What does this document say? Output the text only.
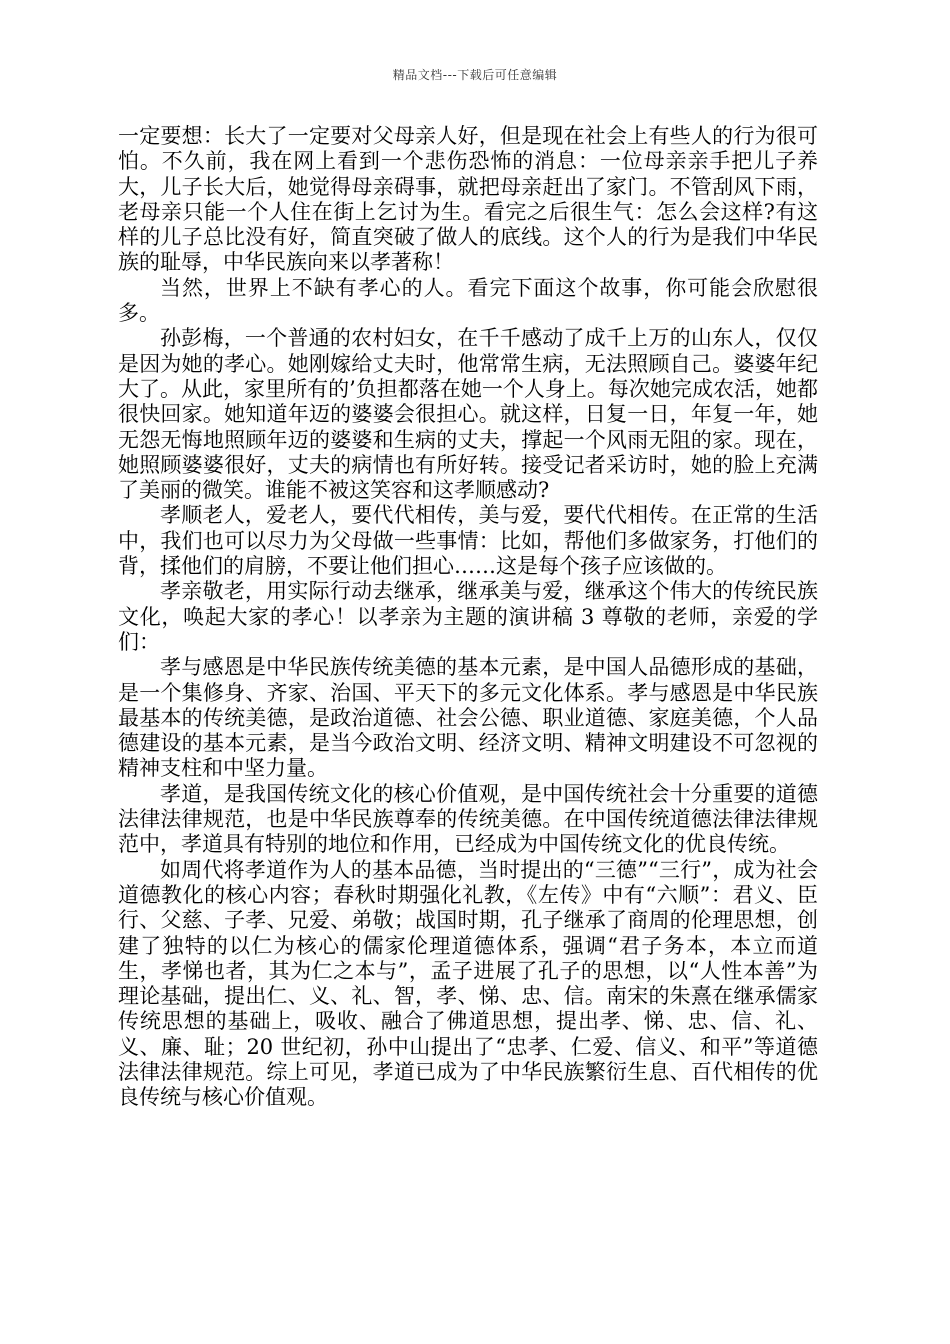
精品文档---下载后可任意编辑

一定要想：长大了一定要对父母亲人好，但是现在社会上有些人的行为很可怕。不久前，我在网上看到一个悲伤恐怖的消息：一位母亲亲手把儿子养大，儿子长大后，她觉得母亲碍事，就把母亲赶出了家门。不管刮风下雨，老母亲只能一个人住在街上乞讨为生。看完之后很生气：怎么会这样?有这样的儿子总比没有好，简直突破了做人的底线。这个人的行为是我们中华民族的耻辱，中华民族向来以孝著称！

当然，世界上不缺有孝心的人。看完下面这个故事，你可能会欣慰很多。

孙彭梅，一个普通的农村妇女，在千千感动了成千上万的山东人，仅仅是因为她的孝心。她刚嫁给丈夫时，他常常生病，无法照顾自己。婆婆年纪大了。从此，家里所有的’负担都落在她一个人身上。每次她完成农活，她都很快回家。她知道年迈的婆婆会很担心。就这样，日复一日，年复一年，她无怨无悔地照顾年迈的婆婆和生病的丈夫，撑起一个风雨无阻的家。现在，她照顾婆婆很好，丈夫的病情也有所好转。接受记者采访时，她的脸上充满了美丽的微笑。谁能不被这笑容和这孝顺感动?

孝顺老人，爱老人，要代代相传，美与爱，要代代相传。在正常的生活中，我们也可以尽力为父母做一些事情：比如，帮他们多做家务，打他们的背，揉他们的肩膀，不要让他们担心……这是每个孩子应该做的。

孝亲敬老，用实际行动去继承，继承美与爱，继承这个伟大的传统民族文化，唤起大家的孝心！以孝亲为主题的演讲稿 3 尊敬的老师，亲爱的学们：

孝与感恩是中华民族传统美德的基本元素，是中国人品德形成的基础，是一个集修身、齐家、治国、平天下的多元文化体系。孝与感恩是中华民族最基本的传统美德，是政治道德、社会公德、职业道德、家庭美德，个人品德建设的基本元素，是当今政治文明、经济文明、精神文明建设不可忽视的精神支柱和中坚力量。

孝道，是我国传统文化的核心价值观，是中国传统社会十分重要的道德法律法律规范，也是中华民族尊奉的传统美德。在中国传统道德法律法律规范中，孝道具有特别的地位和作用，已经成为中国传统文化的优良传统。

如周代将孝道作为人的基本品德，当时提出的“三德”“三行”，成为社会道德教化的核心内容；春秋时期强化礼教，《左传》中有“六顺”：君义、臣行、父慈、子孝、兄爱、弟敬；战国时期，孔子继承了商周的伦理思想，创建了独特的以仁为核心的儒家伦理道德体系，强调“君子务本，本立而道生，孝悌也者，其为仁之本与”，孟子进展了孔子的思想，以“人性本善”为理论基础，提出仁、义、礼、智，孝、悌、忠、信。南宋的朱熹在继承儒家传统思想的基础上，吸收、融合了佛道思想，提出孝、悌、忠、信、礼、义、廉、耻；20 世纪初，孙中山提出了“忠孝、仁爱、信义、和平”等道德法律法律规范。综上可见，孝道已成为了中华民族繁衍生息、百代相传的优良传统与核心价值观。
